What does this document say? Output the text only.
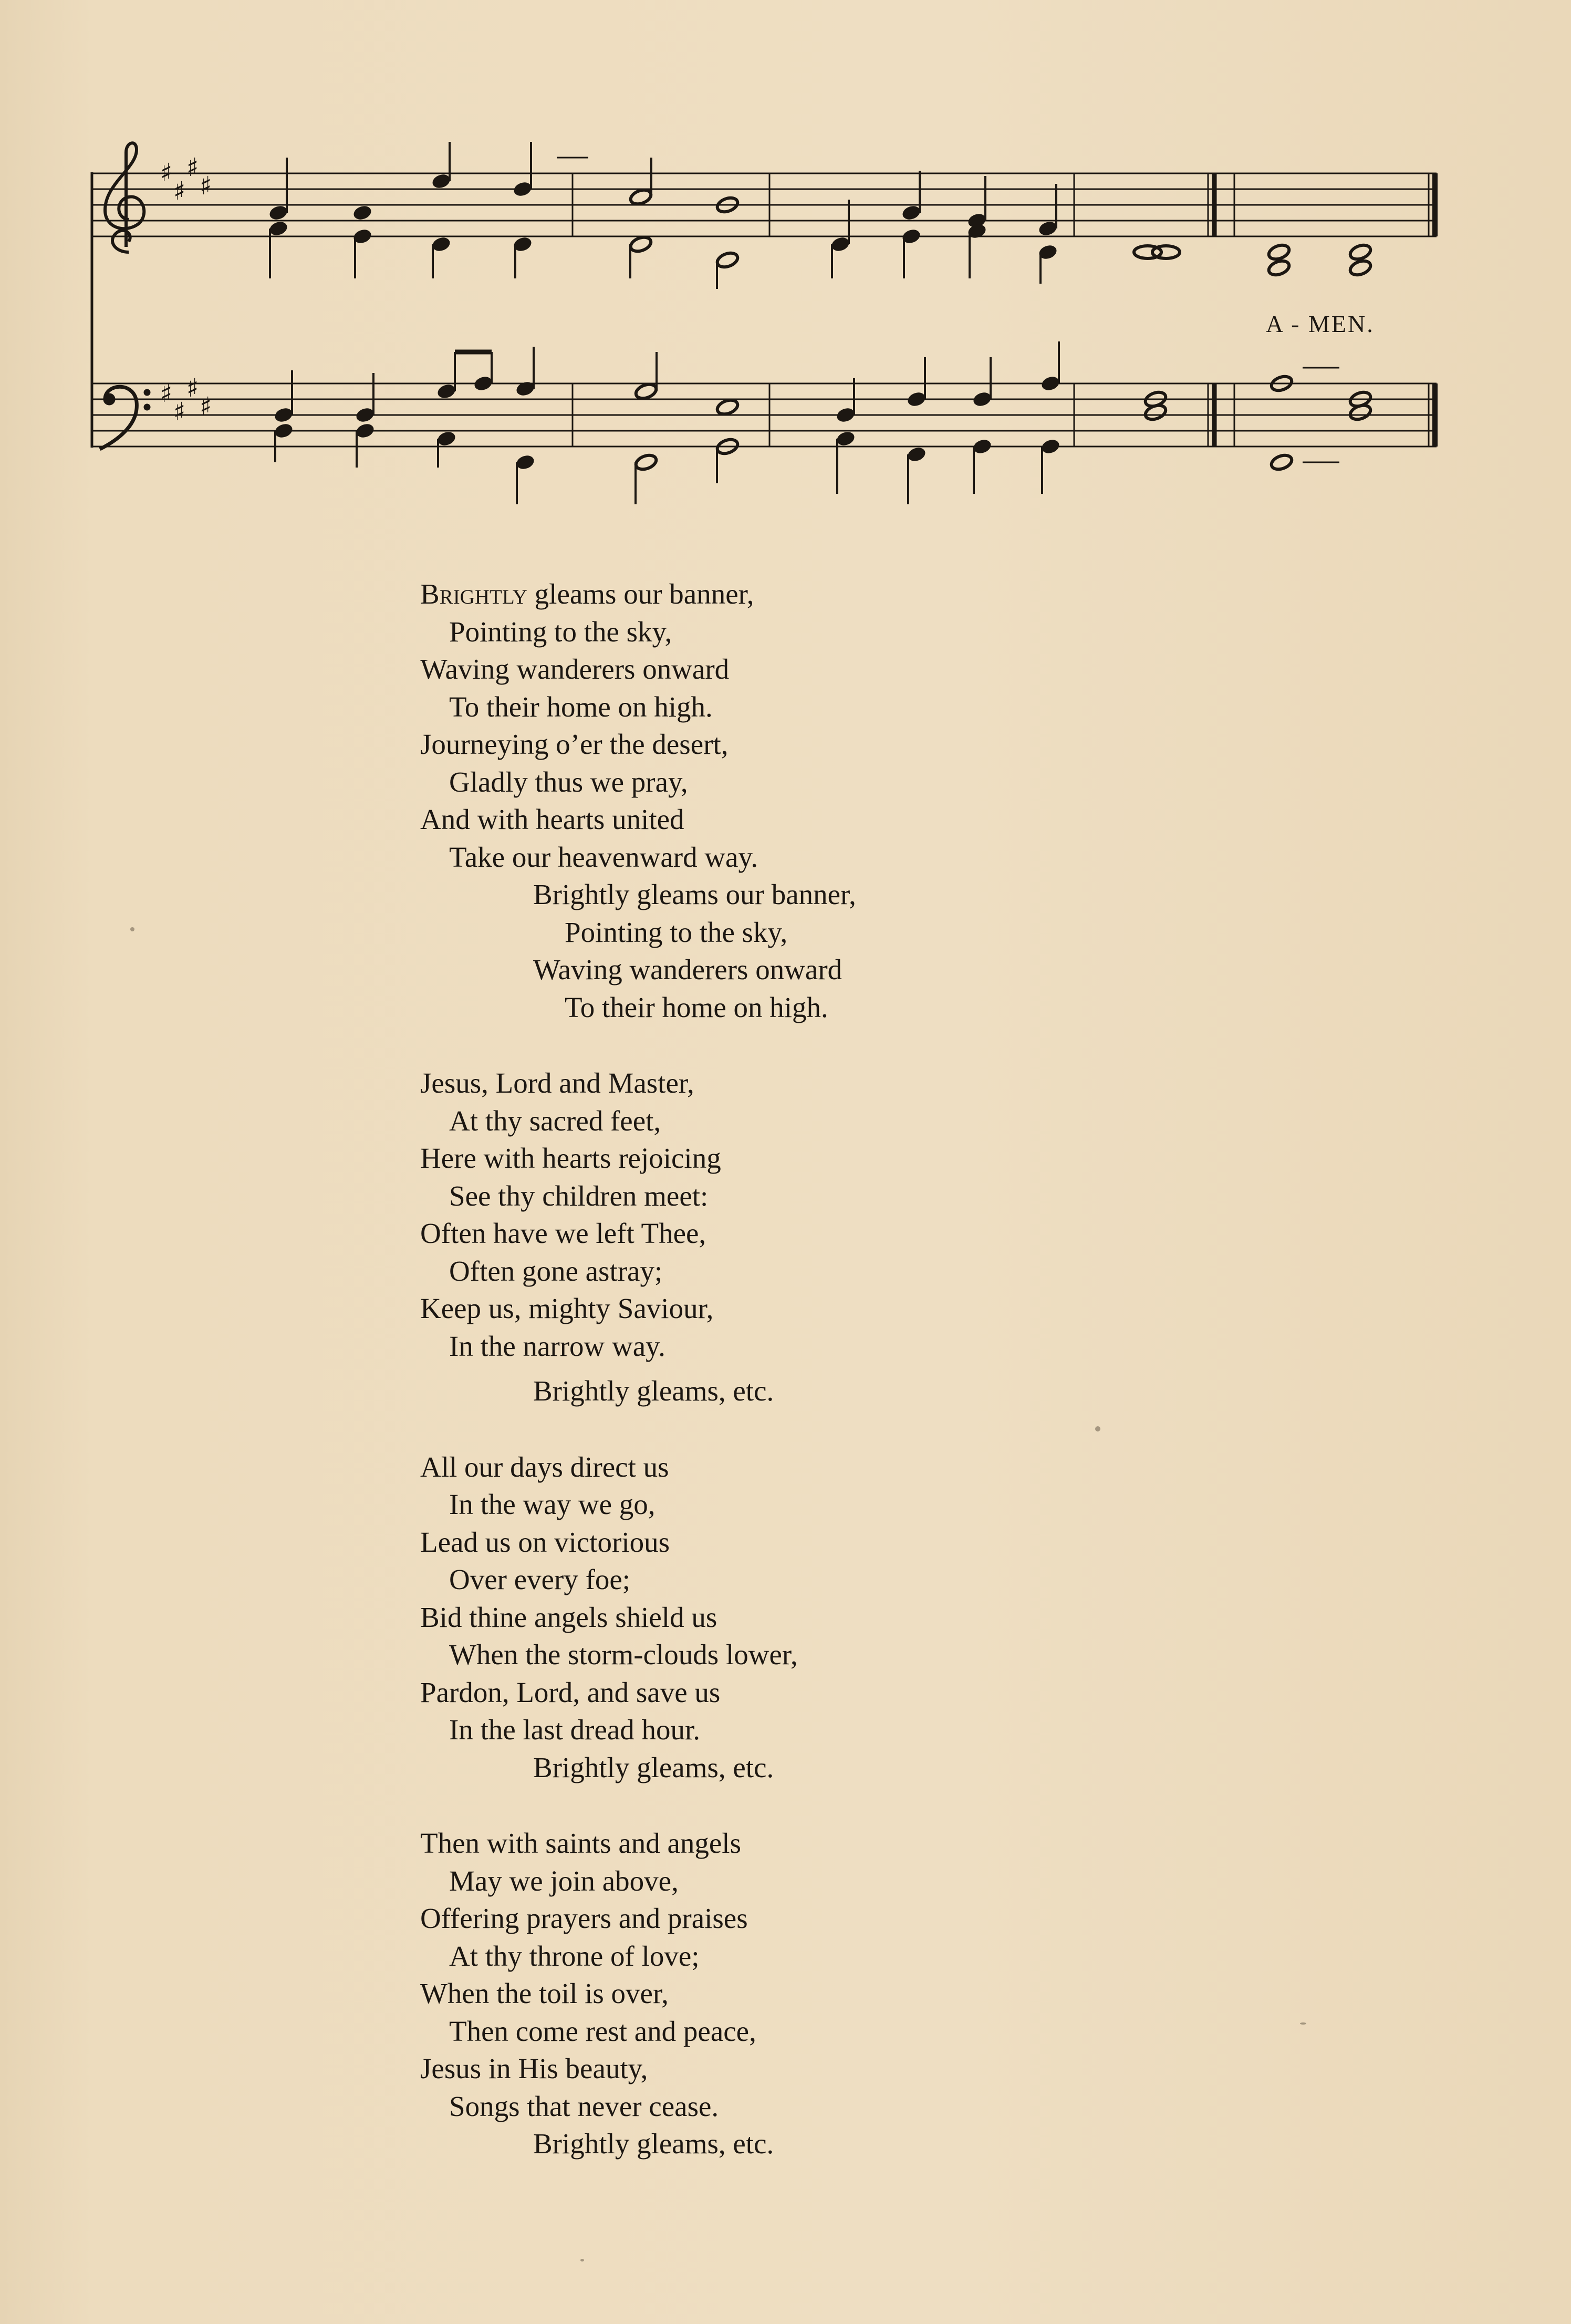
♯
♯
♯
♯
♯
♯
♯
♯
A - MEN.
Brightly gleams our banner,
Pointing to the sky,
Waving wanderers onward
To their home on high.
Journeying o’er the desert,
Gladly thus we pray,
And with hearts united
Take our heavenward way.
Brightly gleams our banner,
Pointing to the sky,
Waving wanderers onward
To their home on high.
Jesus, Lord and Master,
At thy sacred feet,
Here with hearts rejoicing
See thy children meet:
Often have we left Thee,
Often gone astray;
Keep us, mighty Saviour,
In the narrow way.
Brightly gleams, etc.
All our days direct us
In the way we go,
Lead us on victorious
Over every foe;
Bid thine angels shield us
When the storm-clouds lower,
Pardon, Lord, and save us
In the last dread hour.
Brightly gleams, etc.
Then with saints and angels
May we join above,
Offering prayers and praises
At thy throne of love;
When the toil is over,
Then come rest and peace,
Jesus in His beauty,
Songs that never cease.
Brightly gleams, etc.
